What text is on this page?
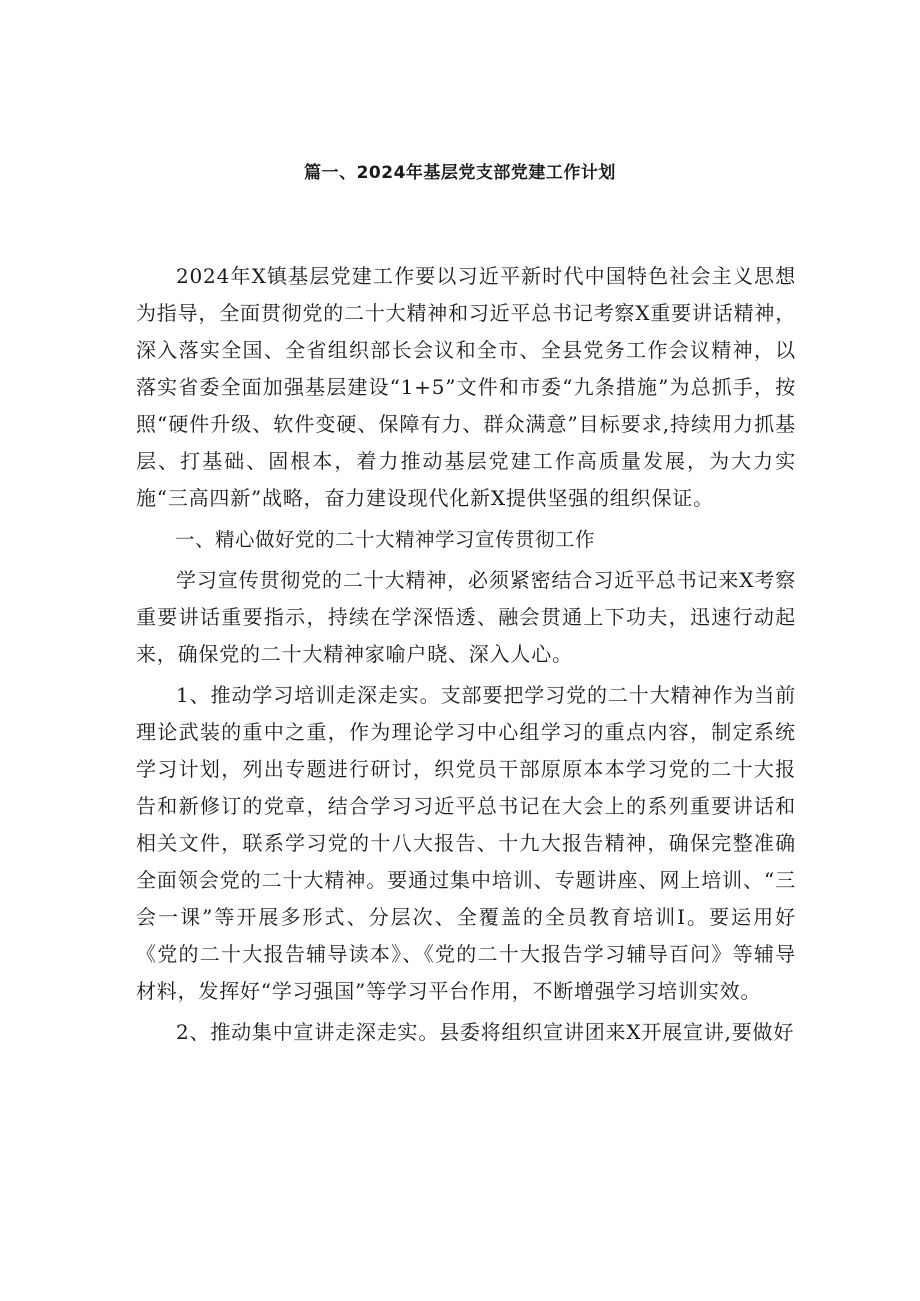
篇一、2024年基层党支部党建工作计划

2024年X镇基层党建工作要以习近平新时代中国特色社会主义思想为指导，全面贯彻党的二十大精神和习近平总书记考察X重要讲话精神，深入落实全国、全省组织部长会议和全市、全县党务工作会议精神，以落实省委全面加强基层建设“1+5”文件和市委“九条措施”为总抓手，按照“硬件升级、软件变硬、保障有力、群众满意”目标要求,持续用力抓基层、打基础、固根本，着力推动基层党建工作高质量发展，为大力实施“三高四新”战略，奋力建设现代化新X提供坚强的组织保证。

一、精心做好党的二十大精神学习宣传贯彻工作

学习宣传贯彻党的二十大精神，必须紧密结合习近平总书记来X考察重要讲话重要指示，持续在学深悟透、融会贯通上下功夫，迅速行动起来，确保党的二十大精神家喻户晓、深入人心。

1、推动学习培训走深走实。支部要把学习党的二十大精神作为当前理论武装的重中之重，作为理论学习中心组学习的重点内容，制定系统学习计划，列出专题进行研讨，织党员干部原原本本学习党的二十大报告和新修订的党章，结合学习习近平总书记在大会上的系列重要讲话和相关文件，联系学习党的十八大报告、十九大报告精神，确保完整准确全面领会党的二十大精神。要通过集中培训、专题讲座、网上培训、“三会一课”等开展多形式、分层次、全覆盖的全员教育培训I。要运用好《党的二十大报告辅导读本》、《党的二十大报告学习辅导百问》等辅导材料，发挥好“学习强国”等学习平台作用，不断增强学习培训实效。

2、推动集中宣讲走深走实。县委将组织宣讲团来X开展宣讲,要做好
